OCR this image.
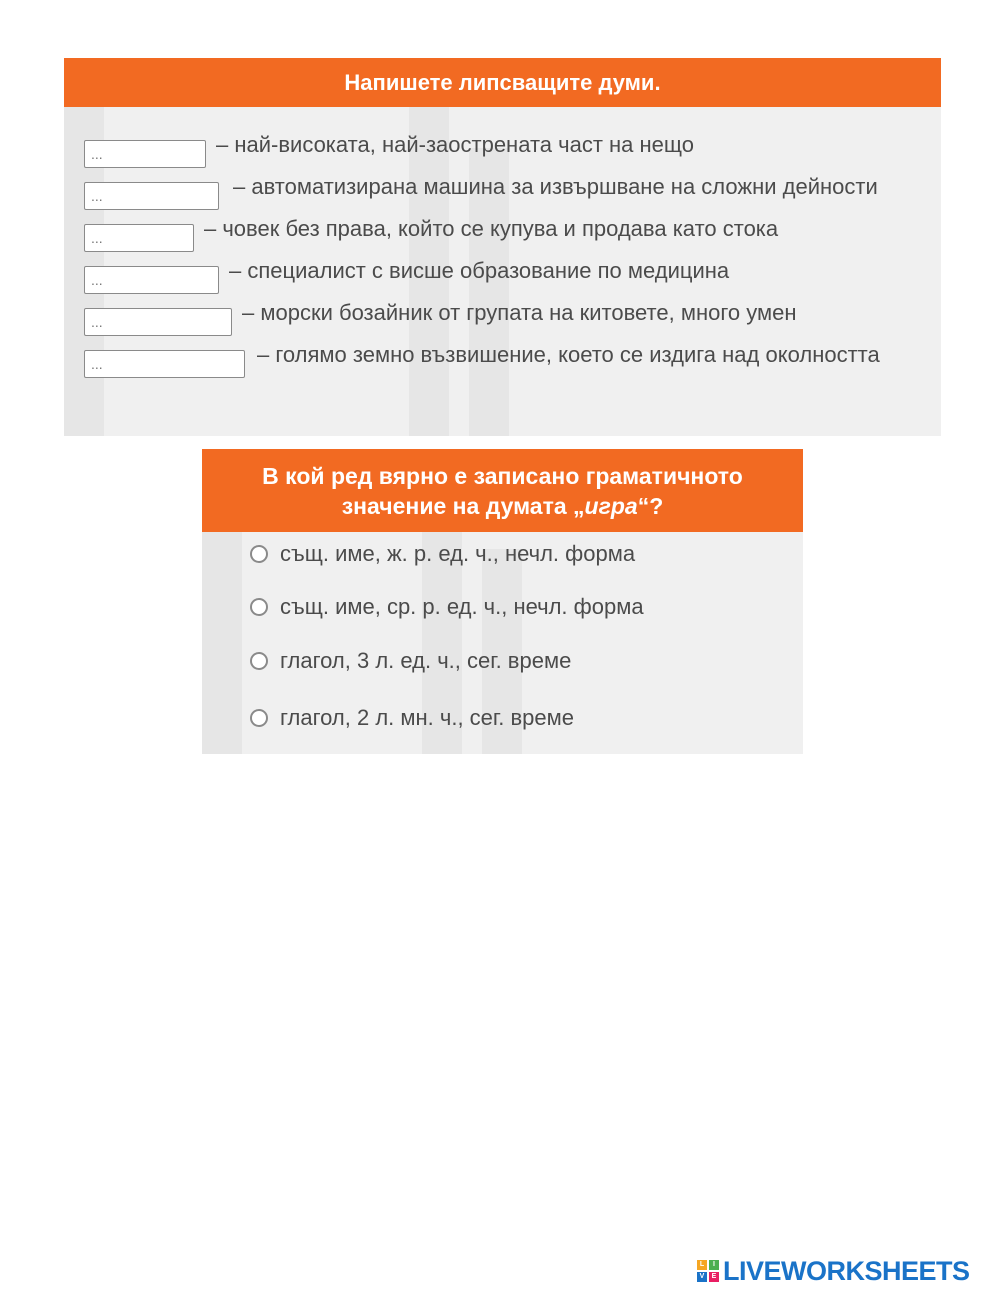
Напишете липсващите думи.
...– най-високата, най-заострената част на нещо
...– автоматизирана машина за извършване на сложни дейности
...– човек без права, който се купува и продава като стока
...– специалист с висше образование по медицина
...– морски бозайник от групата на китовете, много умен
...– голямо земно възвишение, което се издига над околността
В кой ред вярно е записано граматичното
значение на думата „игра“?
същ. име, ж. р. ед. ч., нечл. форма
същ. име, ср. р. ед. ч., нечл. форма
глагол, 3 л. ед. ч., сег. време
глагол, 2 л. мн. ч., сег. време
L	I
V	E LIVEWORKSHEETS
